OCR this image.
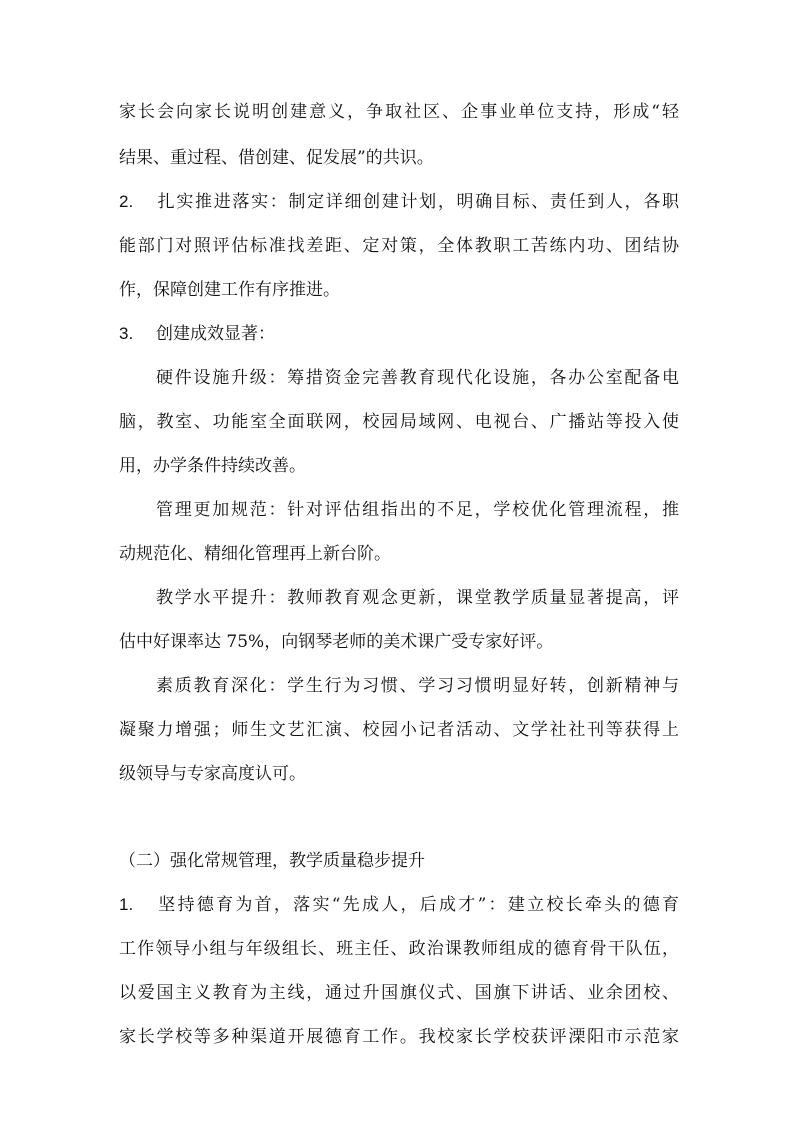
家长会向家长说明创建意义，争取社区、企事业单位支持，形成“轻
结果、重过程、借创建、促发展”的共识。
2. 扎实推进落实：制定详细创建计划，明确目标、责任到人，各职
能部门对照评估标准找差距、定对策，全体教职工苦练内功、团结协
作，保障创建工作有序推进。
3. 创建成效显著：
硬件设施升级：筹措资金完善教育现代化设施，各办公室配备电
脑，教室、功能室全面联网，校园局域网、电视台、广播站等投入使
用，办学条件持续改善。
管理更加规范：针对评估组指出的不足，学校优化管理流程，推
动规范化、精细化管理再上新台阶。
教学水平提升：教师教育观念更新，课堂教学质量显著提高，评
估中好课率达 75%，向钢琴老师的美术课广受专家好评。
素质教育深化：学生行为习惯、学习习惯明显好转，创新精神与
凝聚力增强；师生文艺汇演、校园小记者活动、文学社社刊等获得上
级领导与专家高度认可。
（二）强化常规管理，教学质量稳步提升
1. 坚持德育为首，落实“先成人，后成才”：建立校长牵头的德育
工作领导小组与年级组长、班主任、政治课教师组成的德育骨干队伍，
以爱国主义教育为主线，通过升国旗仪式、国旗下讲话、业余团校、
家长学校等多种渠道开展德育工作。我校家长学校获评溧阳市示范家
